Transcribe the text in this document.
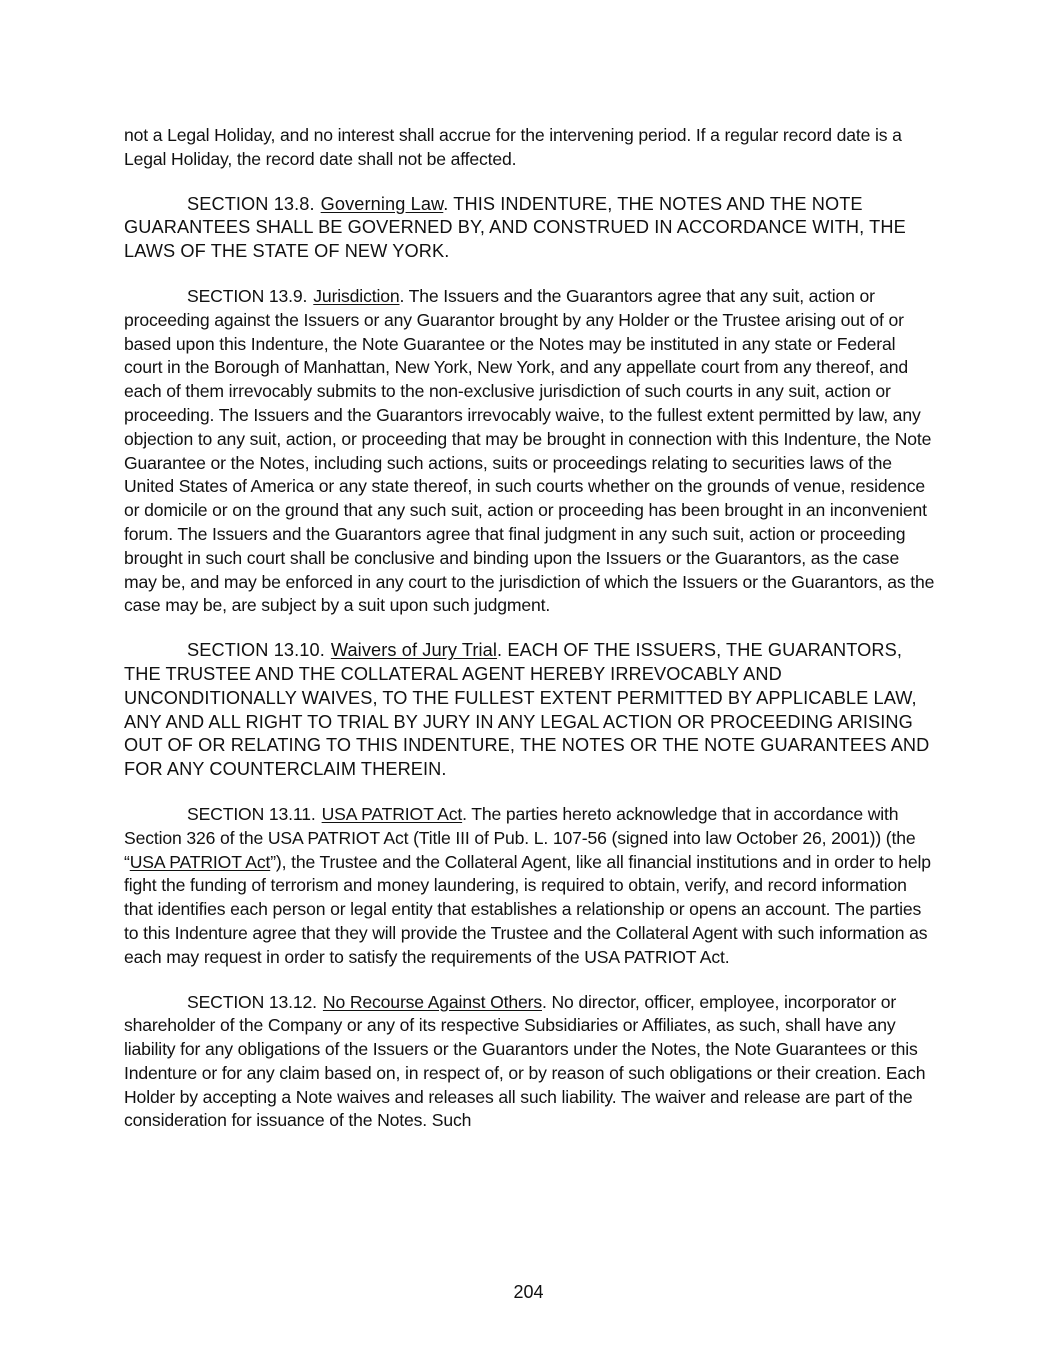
not a Legal Holiday, and no interest shall accrue for the intervening period. If a regular record date is a Legal Holiday, the record date shall not be affected.

SECTION 13.8. Governing Law. THIS INDENTURE, THE NOTES AND THE NOTE GUARANTEES SHALL BE GOVERNED BY, AND CONSTRUED IN ACCORDANCE WITH, THE LAWS OF THE STATE OF NEW YORK.

SECTION 13.9. Jurisdiction. The Issuers and the Guarantors agree that any suit, action or proceeding against the Issuers or any Guarantor brought by any Holder or the Trustee arising out of or based upon this Indenture, the Note Guarantee or the Notes may be instituted in any state or Federal court in the Borough of Manhattan, New York, New York, and any appellate court from any thereof, and each of them irrevocably submits to the non-exclusive jurisdiction of such courts in any suit, action or proceeding. The Issuers and the Guarantors irrevocably waive, to the fullest extent permitted by law, any objection to any suit, action, or proceeding that may be brought in connection with this Indenture, the Note Guarantee or the Notes, including such actions, suits or proceedings relating to securities laws of the United States of America or any state thereof, in such courts whether on the grounds of venue, residence or domicile or on the ground that any such suit, action or proceeding has been brought in an inconvenient forum. The Issuers and the Guarantors agree that final judgment in any such suit, action or proceeding brought in such court shall be conclusive and binding upon the Issuers or the Guarantors, as the case may be, and may be enforced in any court to the jurisdiction of which the Issuers or the Guarantors, as the case may be, are subject by a suit upon such judgment.

SECTION 13.10. Waivers of Jury Trial. EACH OF THE ISSUERS, THE GUARANTORS, THE TRUSTEE AND THE COLLATERAL AGENT HEREBY IRREVOCABLY AND UNCONDITIONALLY WAIVES, TO THE FULLEST EXTENT PERMITTED BY APPLICABLE LAW, ANY AND ALL RIGHT TO TRIAL BY JURY IN ANY LEGAL ACTION OR PROCEEDING ARISING OUT OF OR RELATING TO THIS INDENTURE, THE NOTES OR THE NOTE GUARANTEES AND FOR ANY COUNTERCLAIM THEREIN.

SECTION 13.11. USA PATRIOT Act. The parties hereto acknowledge that in accordance with Section 326 of the USA PATRIOT Act (Title III of Pub. L. 107-56 (signed into law October 26, 2001)) (the “USA PATRIOT Act”), the Trustee and the Collateral Agent, like all financial institutions and in order to help fight the funding of terrorism and money laundering, is required to obtain, verify, and record information that identifies each person or legal entity that establishes a relationship or opens an account. The parties to this Indenture agree that they will provide the Trustee and the Collateral Agent with such information as each may request in order to satisfy the requirements of the USA PATRIOT Act.

SECTION 13.12. No Recourse Against Others. No director, officer, employee, incorporator or shareholder of the Company or any of its respective Subsidiaries or Affiliates, as such, shall have any liability for any obligations of the Issuers or the Guarantors under the Notes, the Note Guarantees or this Indenture or for any claim based on, in respect of, or by reason of such obligations or their creation. Each Holder by accepting a Note waives and releases all such liability. The waiver and release are part of the consideration for issuance of the Notes. Such

204
